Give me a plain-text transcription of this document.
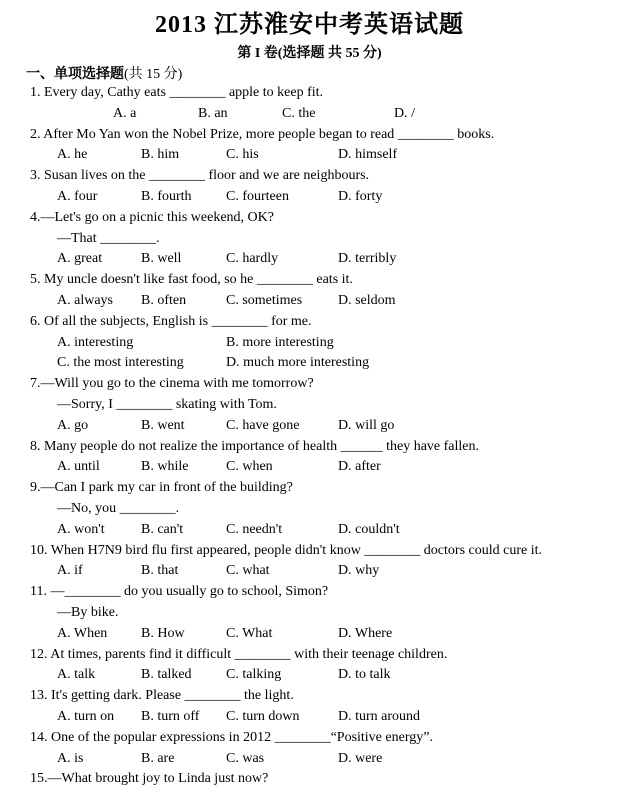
2013 江苏淮安中考英语试题
第 I 卷(选择题 共 55 分)
一、单项选择题(共 15 分)
1. Every day, Cathy eats ________ apple to keep fit.
A. a	B. an	C. the	D. /
2. After Mo Yan won the Nobel Prize, more people began to read ________ books.
A. he	B. him	C. his	D. himself
3. Susan lives on the ________ floor and we are neighbours.
A. four	B. fourth C. fourteen	D. forty
4.—Let's go on a picnic this weekend, OK?
—That ________.
A. great	B. well	C. hardly	D. terribly
5. My uncle doesn't like fast food, so he ________ eats it.
A. always B. often	C. sometimes	D. seldom
6. Of all the subjects, English is ________ for me.
A. interesting	B. more interesting
C. the most interesting	D. much more interesting
7.—Will you go to the cinema with me tomorrow?
—Sorry, I ________ skating with Tom.
A. go	B. went	C. have gone	D. will go
8. Many people do not realize the importance of health ______ they have fallen.
A. until	B. while	C. when	D. after
9.—Can I park my car in front of the building?
—No, you ________.
A. won't	B. can't	C. needn't	D. couldn't
10. When H7N9 bird flu first appeared, people didn't know ________ doctors could cure it.
A. if	B. that	C. what	D. why
11. —________ do you usually go to school, Simon?
—By bike.
A. When B. How	C. What	D. Where
12. At times, parents find it difficult ________ with their teenage children.
A. talk	B. talked C. talking	D. to talk
13. It's getting dark. Please ________ the light.
A. turn on B. turn off C. turn down	D. turn around
14. One of the popular expressions in 2012 ________“Positive energy”.
A. is	B. are	C. was	D. were
15.—What brought joy to Linda just now?
